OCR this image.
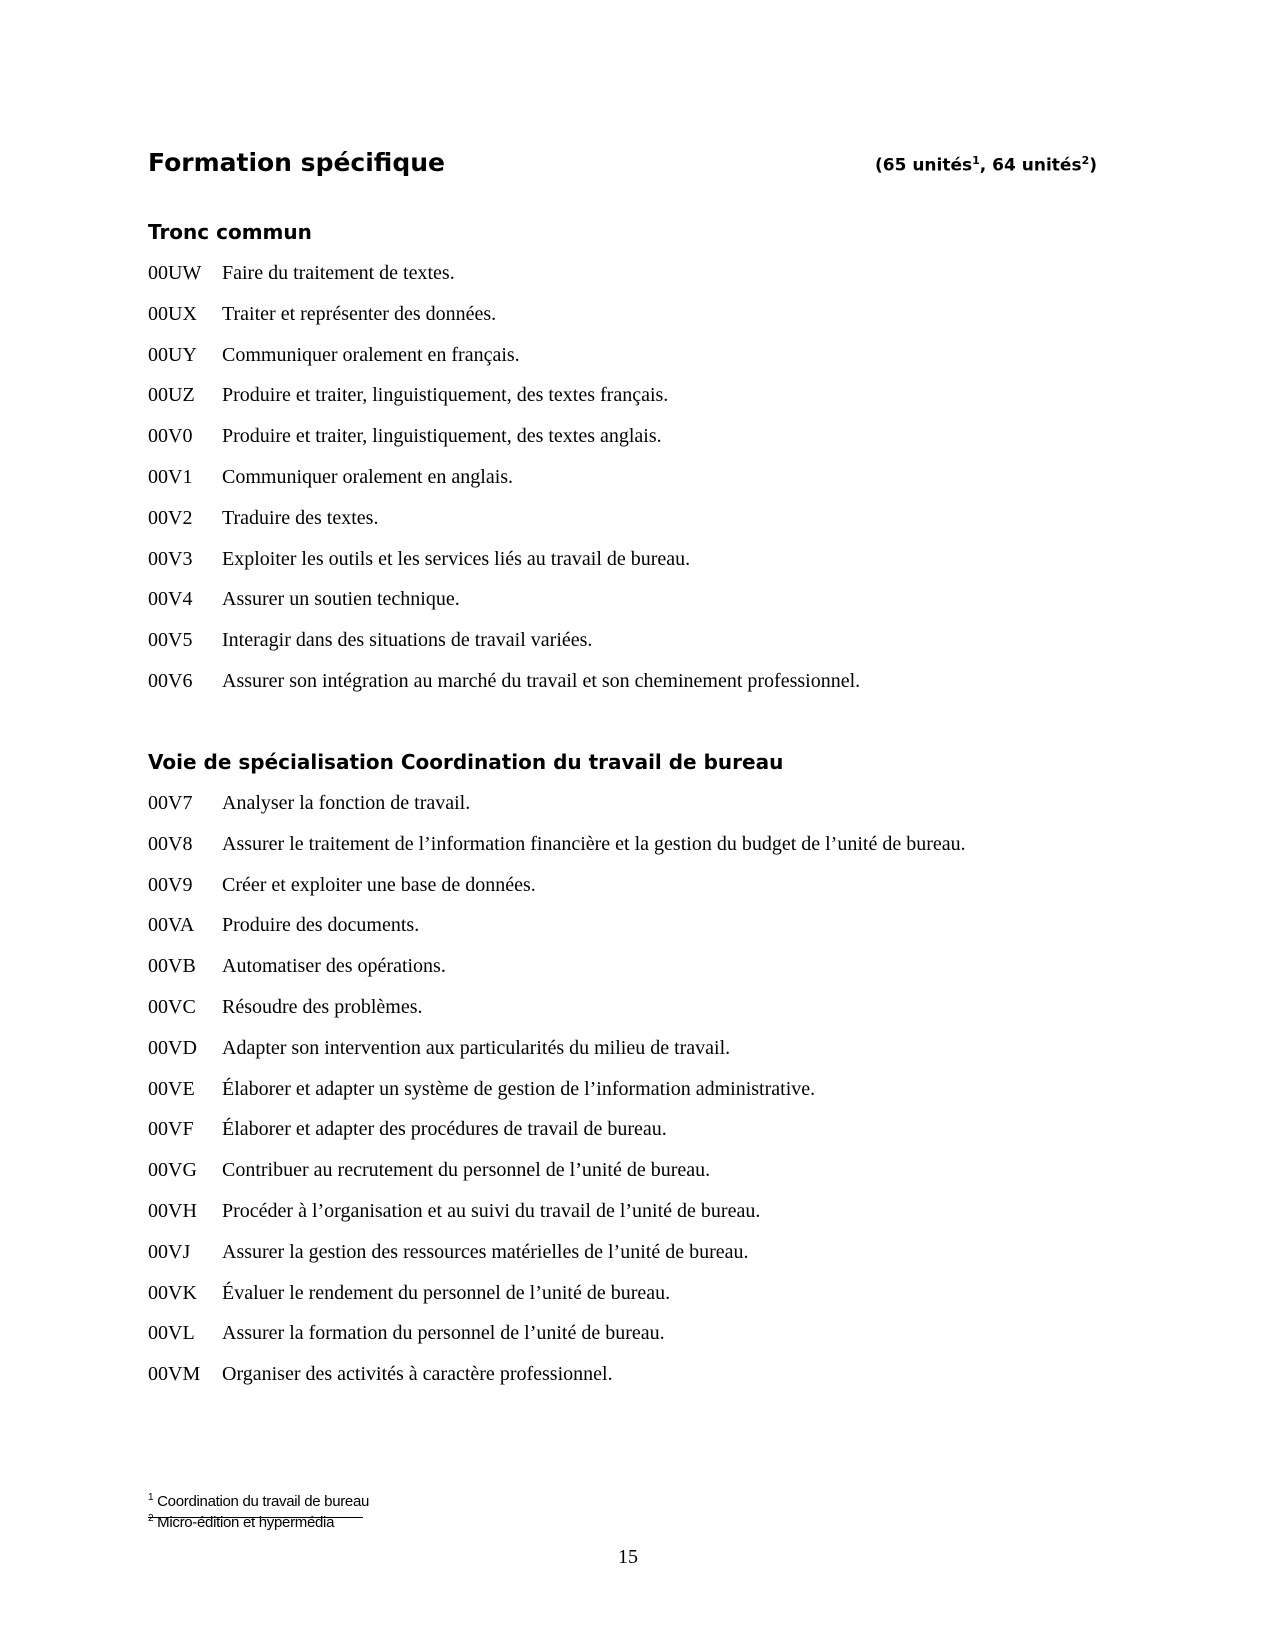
Formation spécifique	(65 unités$^1$, 64 unités$^2$)
Tronc commun
00UW Faire du traitement de textes.
00UX Traiter et représenter des données.
00UY Communiquer oralement en français.
00UZ Produire et traiter, linguistiquement, des textes français.
00V0 Produire et traiter, linguistiquement, des textes anglais.
00V1 Communiquer oralement en anglais.
00V2 Traduire des textes.
00V3 Exploiter les outils et les services liés au travail de bureau.
00V4 Assurer un soutien technique.
00V5 Interagir dans des situations de travail variées.
00V6 Assurer son intégration au marché du travail et son cheminement professionnel.
Voie de spécialisation Coordination du travail de bureau
00V7 Analyser la fonction de travail.
00V8 Assurer le traitement de l’information financière et la gestion du budget de l’unité de bureau.
00V9 Créer et exploiter une base de données.
00VA Produire des documents.
00VB Automatiser des opérations.
00VC Résoudre des problèmes.
00VD Adapter son intervention aux particularités du milieu de travail.
00VE Élaborer et adapter un système de gestion de l’information administrative.
00VF Élaborer et adapter des procédures de travail de bureau.
00VG Contribuer au recrutement du personnel de l’unité de bureau.
00VH Procéder à l’organisation et au suivi du travail de l’unité de bureau.
00VJ Assurer la gestion des ressources matérielles de l’unité de bureau.
00VK Évaluer le rendement du personnel de l’unité de bureau.
00VL Assurer la formation du personnel de l’unité de bureau.
00VM Organiser des activités à caractère professionnel.
$^1$ Coordination du travail de bureau
$^2$ Micro-édition et hypermédia
15
